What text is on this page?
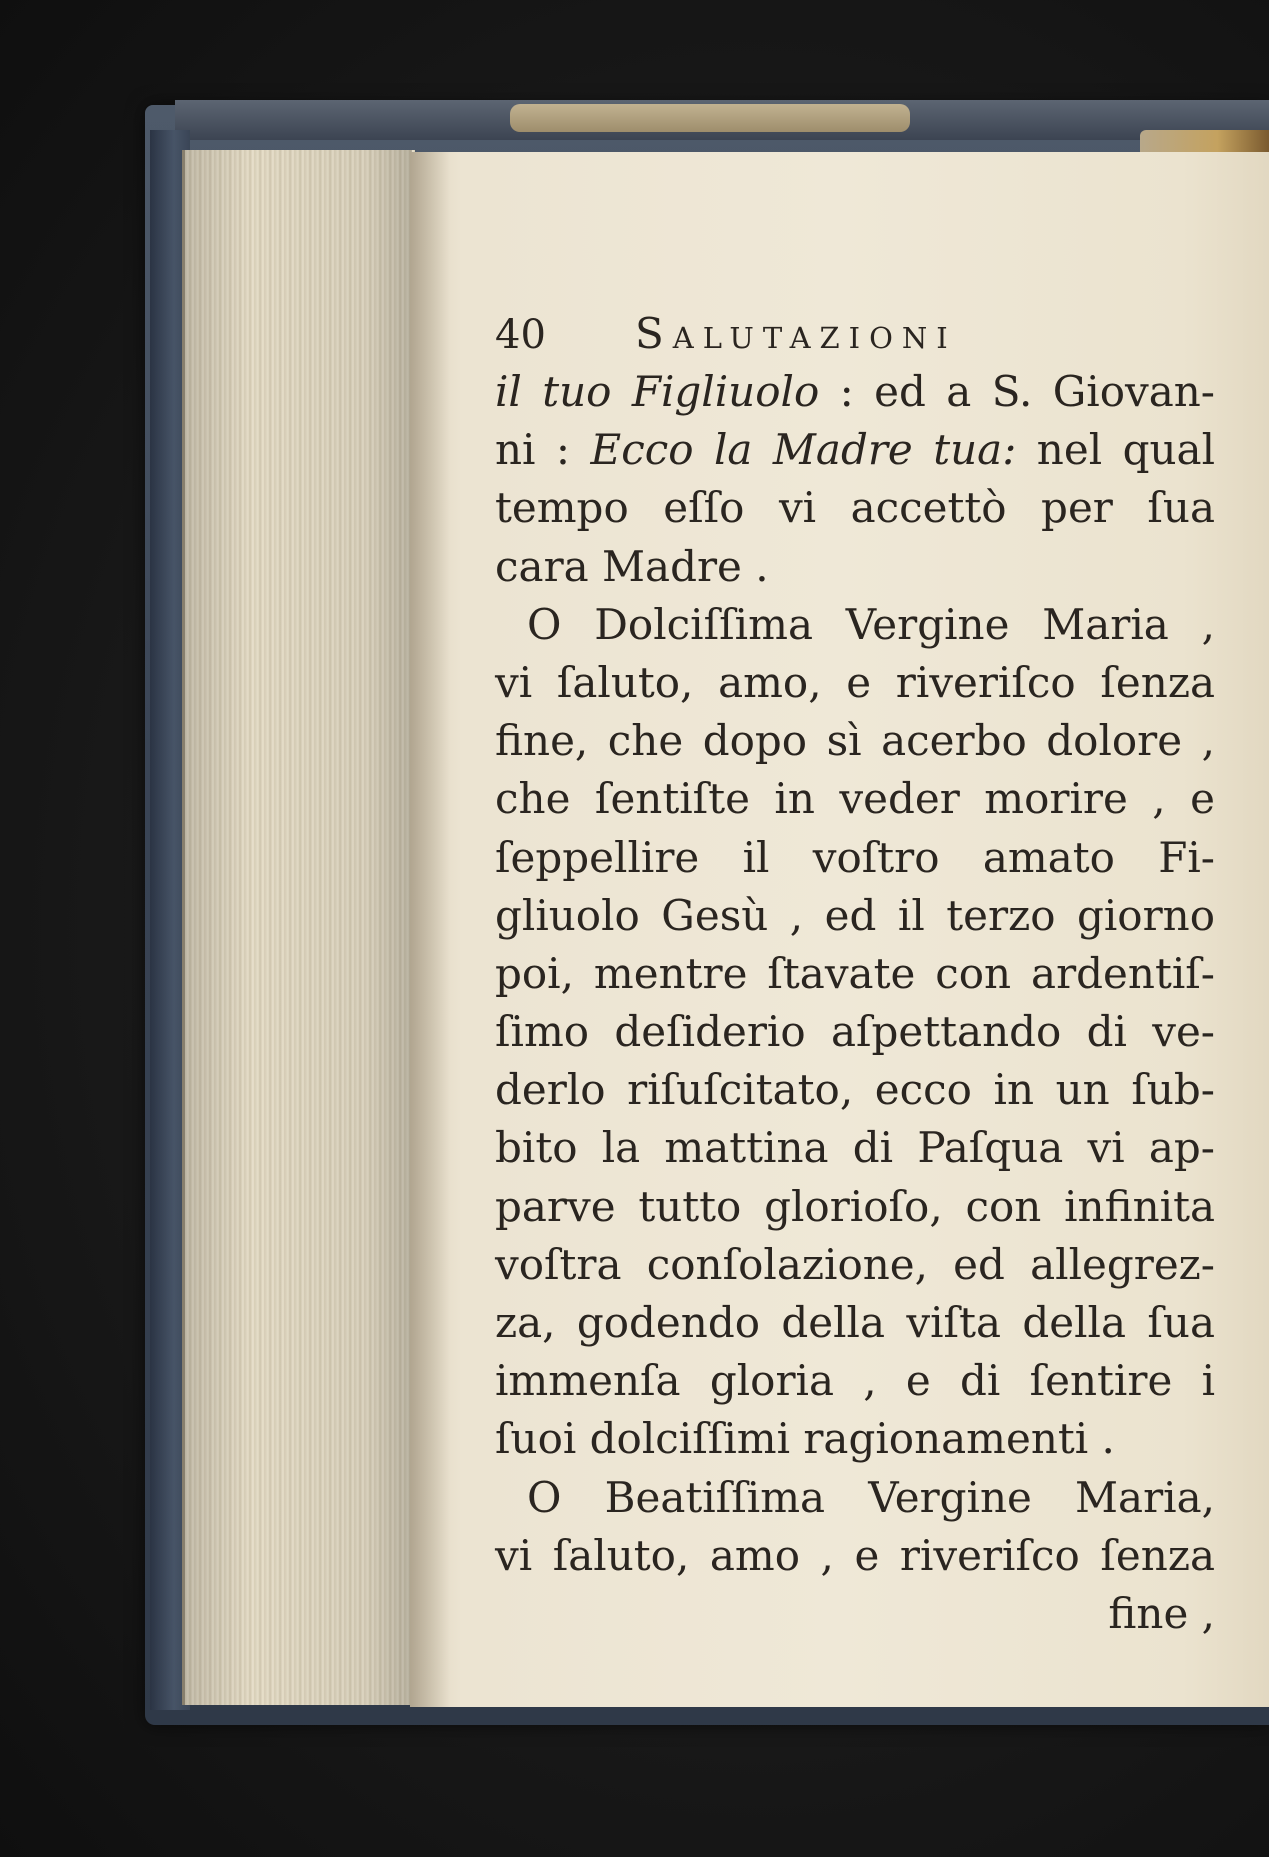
40	Salutazioni
il tuo Figliuolo : ed a S. Giovan-
ni : Ecco la Madre tua: nel qual
tempo eſſo vi accettò per ſua
cara Madre .
O Dolciſſima Vergine Maria ,
vi ſaluto, amo, e riveriſco ſenza
fine, che dopo sì acerbo dolore ,
che ſentiſte in veder morire , e
ſeppellire il voſtro amato Fi-
gliuolo Gesù , ed il terzo giorno
poi, mentre ſtavate con ardentiſ-
ſimo deſiderio aſpettando di ve-
derlo riſuſcitato, ecco in un ſub-
bito la mattina di Paſqua vi ap-
parve tutto glorioſo, con infinita
voſtra conſolazione, ed allegrez-
za, godendo della viſta della ſua
immenſa gloria , e di ſentire i
ſuoi dolciſſimi ragionamenti .
O Beatiſſima Vergine Maria,
vi ſaluto, amo , e riveriſco ſenza
fine ,
